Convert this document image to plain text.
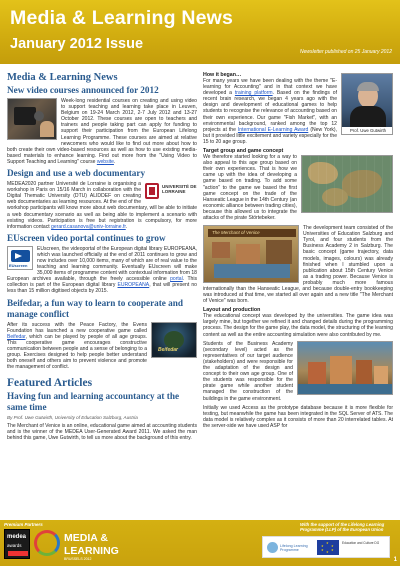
Media & Learning News
January 2012 Issue	Newsletter published on 25 January 2012
Media & Learning News
New video courses announced for 2012

Week-long residential courses on creating and using video to support teaching and learning take place in Leuven, Belgium on 19-24 March 2012, 2-7 July 2012 and 13-27 October 2012. These courses are open to teachers and trainers and people taking part can apply for funding to support their participation from the European Lifelong Learning Programme. These courses are aimed at relative newcomers who would like to find out more about how to both create their own video-based resources as well as how to use existing media-based materials to enhance learning. Find out more from the "Using Video to Support Teaching and Learning" course website.

Design and use a web documentary
UNIVERSITÉ DE LORRAINE

MEDEA2020 partner Université de Lorraine is organising a workshop in Paris on 15/16 March in collaboration with the Digital Thematic University (DTU) ALIDDEF on creating web documentaries as learning resources. At the end of the workshop participants will know more about web documentary, will be able to initiate a web documentary scenario as well as being able to implement a scenario with existing videos. Participation is free but registration is compulsory, for more information contact gerard.casanova@univ-lorraine.fr.

EUscreen video portal continues to grow
EUscreen

EUscreen, the videoportal of the European digital library EUROPEANA, which was launched officially at the end of 2011 continues to grow and now includes over 10,000 items, many of which are of real value to the teaching and learning community. Eventually EUscreen will make 35,000 items of programme content with contextual information from 18 European archives available, through the freely accessible online portal. This collection is part of the European digital library EUROPEANA, that will present no less than 15 million digitised objects by 2015.

Beifedar, a fun way to learn to cooperate and manage conflict
Beifedar

After its success with the Peace Factory, the Evens Foundation has launched a new cooperative game called Beifedar, which can be played by people of all age groups. This cooperative game encourages constructive communication between people and a sense of belonging to a group. Exercises designed to help people better understand both oneself and others aim to prevent violence and promote the management of conflict.

Featured Articles
Having fun and learning accountancy at the same time
By Prof. Uwe Gutwirth, University of Education Salzburg, Austria

The Merchant of Venice is an online, educational game aimed at accounting students and is the winner of the MEDEA User-Generated Award 2011. We asked the man behind this game, Uwe Gutwirth, to tell us more about the background of this entry.

Prof. Uwe Gutwirth
How it began…

For many years we have been dealing with the theme "E-learning for Accounting" and in that context we have developed a training platform. Based on the findings of recent brain research, we began 4 years ago with the design and development of educational games to help students to recognise the relevance of accounting based on their own experience. Our game "Fish Market", with an environmental background, ranked among the top 12 projects at the International E-Learning Award (New York), but it provided little excitement and variety especially for the 15 to 20 age group.

Target group and game concept

We therefore started looking for a way to also appeal to this age group based on their own experiences. That is how we came up with the idea of developing a game based on trading. To add some "action" to the game we based the first game concept on the trade of the Hanseatic League in the 14th Century (an economic alliance between trading cities), because this allowed us to integrate the attacks of the pirate Störtebeker.

The Merchant of Venice

The development team consisted of the Universities of Education Salzburg and Tyrol, and four students from the Business Academy 2 in Salzburg. The basic concept (game trajectory, data models, images, colours) was already finished when I stumbled upon a publication about 15th Century Venice as a trading power. Because Venice is probably much more famous internationally than the Hanseatic League, and because double-entry bookkeeping was introduced at that time, we started all over again and a new title "The Merchant of Venice" was born.

Layout and production

The educational concept was developed by the universities. The game idea was largely mine, but together we refined it and changed details during the programming process. The design for the game play, the data model, the structuring of the learning content as well as the entire accounting simulation were also contributed by me.

Students of the Business Academy (secondary level) acted as the representatives of our target audience (stakeholders) and were responsible for the adaptation of the design and concept to their own age group. One of the students was responsible for the pirate game while another student managed the construction of the buildings in the game environment.

Initially we used Access as the prototype database because it is more flexible for testing, but meanwhile the game has been integrated in the SQL Server of ATS. The data model is relatively complex as it consists of more than 20 interrelated tables. At the server-side we have used ASP for

Premium Partners
medea
awards
MEDIA &
LEARNING
BRUSSELS 2012
With the support of the Lifelong Learning Programme (LLP) of the European Union
Lifelong Learning Programme
★
★ ★
★ ★
★
Education and Culture DG
1
